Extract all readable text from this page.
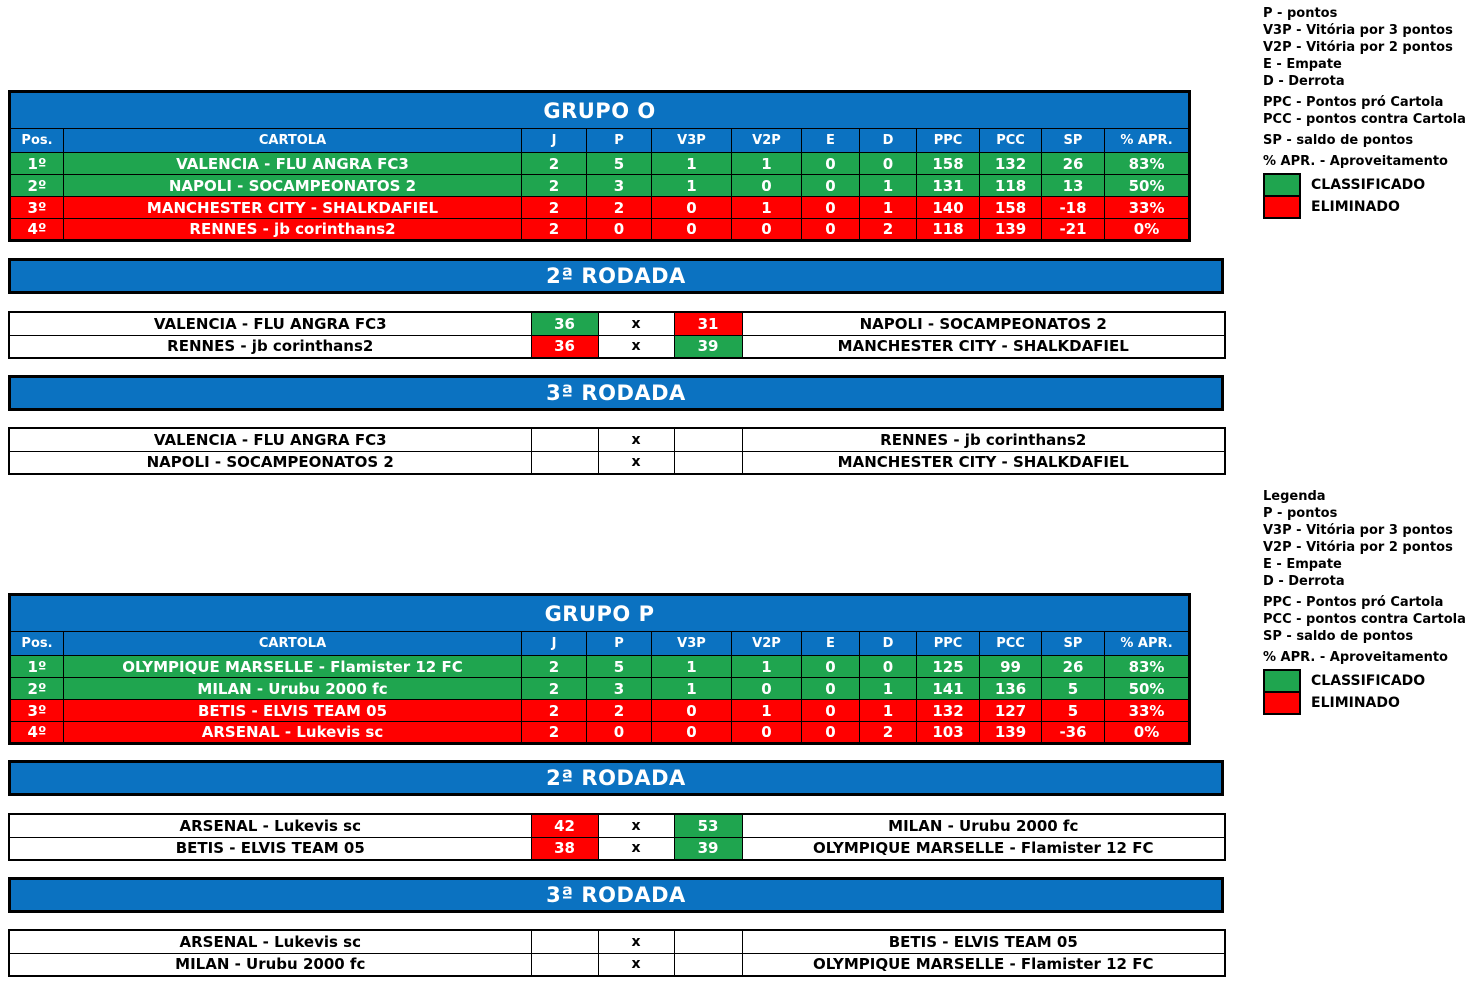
P - pontos
V3P - Vitória por 3 pontos
V2P - Vitória por 2 pontos
E - Empate
D - Derrota
PPC - Pontos pró Cartola
PCC - pontos contra Cartola
SP - saldo de pontos
% APR. - Aproveitamento
CLASSIFICADO
ELIMINADO
GRUPO O											
Pos.	CARTOLA	J	P	V3P	V2P	E	D	PPC	PCC	SP	% APR.
1º	VALENCIA - FLU ANGRA FC3	2	5	1	1	0	0	158	132	26	83%
2º	NAPOLI - SOCAMPEONATOS 2	2	3	1	0	0	1	131	118	13	50%
3º	MANCHESTER CITY - SHALKDAFIEL	2	2	0	1	0	1	140	158	-18	33%
4º	RENNES - jb corinthans2	2	0	0	0	0	2	118	139	-21	0%
2ª RODADA
VALENCIA - FLU ANGRA FC3	36	x	31	NAPOLI - SOCAMPEONATOS 2
RENNES - jb corinthans2	36	x	39	MANCHESTER CITY - SHALKDAFIEL
3ª RODADA
VALENCIA - FLU ANGRA FC3		x		RENNES - jb corinthans2
NAPOLI - SOCAMPEONATOS 2		x		MANCHESTER CITY - SHALKDAFIEL
Legenda
P - pontos
V3P - Vitória por 3 pontos
V2P - Vitória por 2 pontos
E - Empate
D - Derrota
PPC - Pontos pró Cartola
PCC - pontos contra Cartola
SP - saldo de pontos
% APR. - Aproveitamento
CLASSIFICADO
ELIMINADO
GRUPO P											
Pos.	CARTOLA	J	P	V3P	V2P	E	D	PPC	PCC	SP	% APR.
1º	OLYMPIQUE MARSELLE - Flamister 12 FC	2	5	1	1	0	0	125	99	26	83%
2º	MILAN - Urubu 2000 fc	2	3	1	0	0	1	141	136	5	50%
3º	BETIS - ELVIS TEAM 05	2	2	0	1	0	1	132	127	5	33%
4º	ARSENAL - Lukevis sc	2	0	0	0	0	2	103	139	-36	0%
2ª RODADA
ARSENAL - Lukevis sc	42	x	53	MILAN - Urubu 2000 fc
BETIS - ELVIS TEAM 05	38	x	39	OLYMPIQUE MARSELLE - Flamister 12 FC
3ª RODADA
ARSENAL - Lukevis sc		x		BETIS - ELVIS TEAM 05
MILAN - Urubu 2000 fc		x		OLYMPIQUE MARSELLE - Flamister 12 FC
